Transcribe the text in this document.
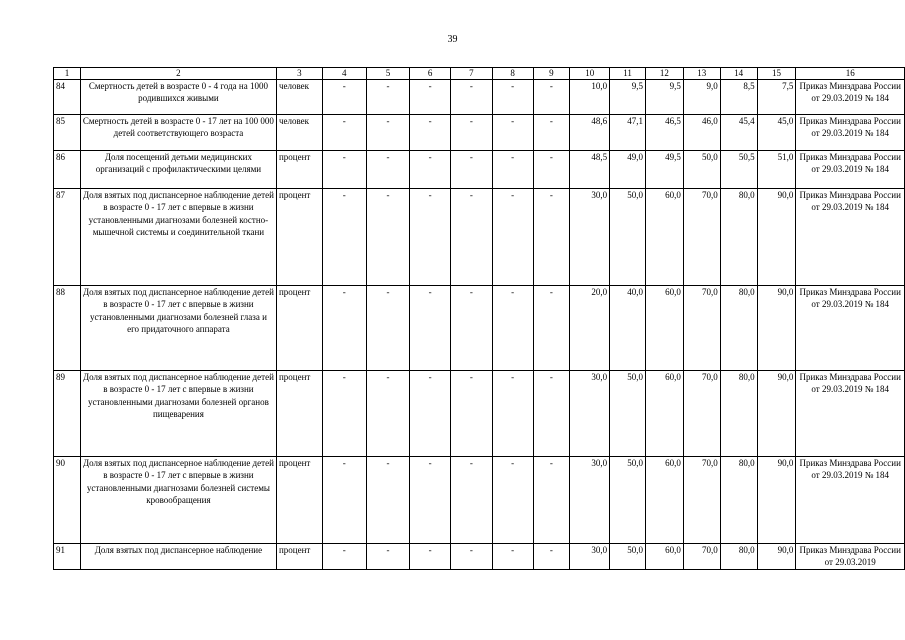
39
1	2	3	4	5	6	7	8	9	10	11	12	13	14	15	16
84	Смертность детей в возрасте 0 - 4 года на 1000 родившихся живыми	человек	-	-	-	-	-	-	10,0	9,5	9,5	9,0	8,5	7,5	Приказ Минздрава России от 29.03.2019 № 184
85	Смертность детей в возрасте 0 - 17 лет на 100 000 детей соответствующего возраста	человек	-	-	-	-	-	-	48,6	47,1	46,5	46,0	45,4	45,0	Приказ Минздрава России от 29.03.2019 № 184
86	Доля посещений детьми медицинских организаций с профилактическими целями	процент	-	-	-	-	-	-	48,5	49,0	49,5	50,0	50,5	51,0	Приказ Минздрава России от 29.03.2019 № 184
87	Доля взятых под диспансерное наблюдение детей в возрасте 0 - 17 лет с впервые в жизни установленными диагнозами болезней костно-мышечной системы и соединительной ткани	процент	-	-	-	-	-	-	30,0	50,0	60,0	70,0	80,0	90,0	Приказ Минздрава России от 29.03.2019 № 184
88	Доля взятых под диспансерное наблюдение детей в возрасте 0 - 17 лет с впервые в жизни установленными диагнозами болезней глаза и его придаточного аппарата	процент	-	-	-	-	-	-	20,0	40,0	60,0	70,0	80,0	90,0	Приказ Минздрава России от 29.03.2019 № 184
89	Доля взятых под диспансерное наблюдение детей в возрасте 0 - 17 лет с впервые в жизни установленными диагнозами болезней органов пищеварения	процент	-	-	-	-	-	-	30,0	50,0	60,0	70,0	80,0	90,0	Приказ Минздрава России от 29.03.2019 № 184
90	Доля взятых под диспансерное наблюдение детей в возрасте 0 - 17 лет с впервые в жизни установленными диагнозами болезней системы кровообращения	процент	-	-	-	-	-	-	30,0	50,0	60,0	70,0	80,0	90,0	Приказ Минздрава России от 29.03.2019 № 184
91	Доля взятых под диспансерное наблюдение	процент	-	-	-	-	-	-	30,0	50,0	60,0	70,0	80,0	90,0	Приказ Минздрава России от 29.03.2019
